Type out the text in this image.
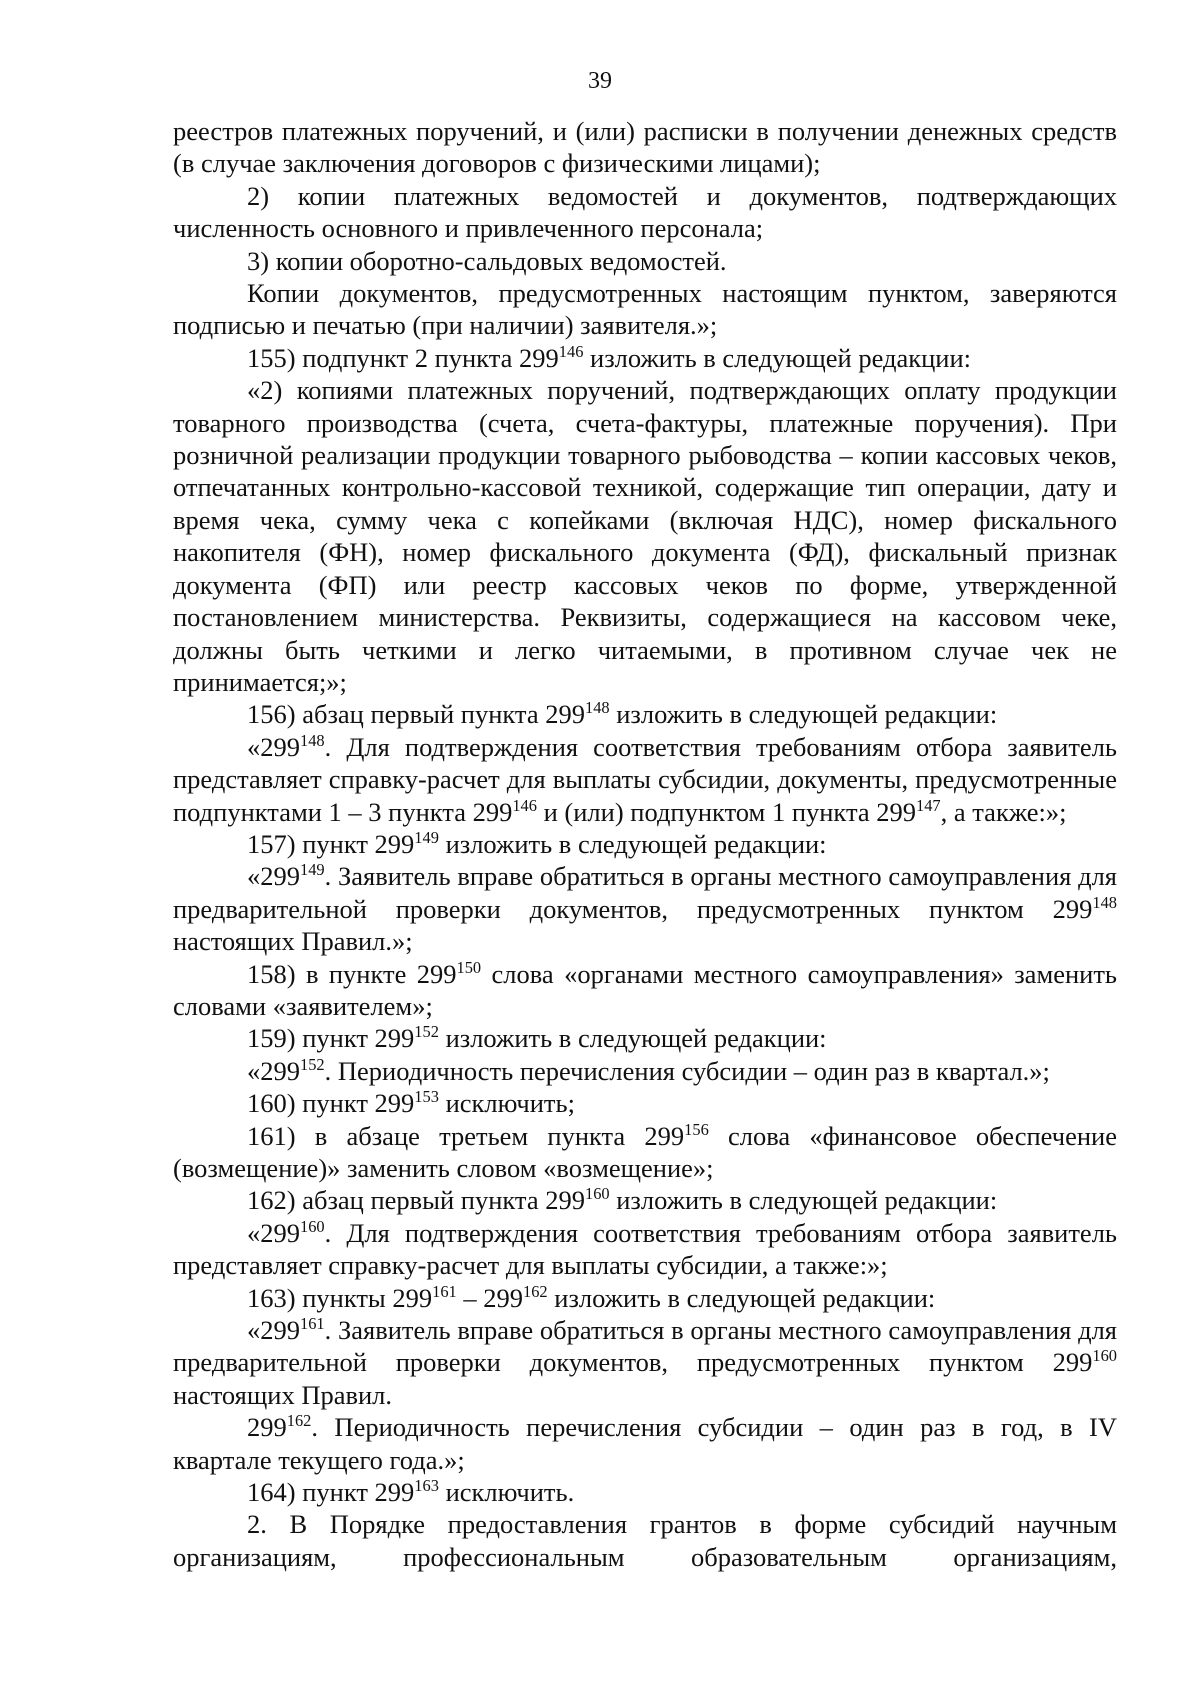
39

реестров платежных поручений, и (или) расписки в получении денежных средств (в случае заключения договоров с физическими лицами);

2) копии платежных ведомостей и документов, подтверждающих численность основного и привлеченного персонала;

3) копии оборотно-сальдовых ведомостей.

Копии документов, предусмотренных настоящим пунктом, заверяются подписью и печатью (при наличии) заявителя.»;

155) подпункт 2 пункта $299^{146}$ изложить в следующей редакции:

«2) копиями платежных поручений, подтверждающих оплату продукции товарного производства (счета, счета-фактуры, платежные поручения). При розничной реализации продукции товарного рыбоводства – копии кассовых чеков, отпечатанных контрольно-кассовой техникой, содержащие тип операции, дату и время чека, сумму чека с копейками (включая НДС), номер фискального накопителя (ФН), номер фискального документа (ФД), фискальный признак документа (ФП) или реестр кассовых чеков по форме, утвержденной постановлением министерства. Реквизиты, содержащиеся на кассовом чеке, должны быть четкими и легко читаемыми, в противном случае чек не принимается;»;

156) абзац первый пункта $299^{148}$ изложить в следующей редакции:

«$299^{148}$. Для подтверждения соответствия требованиям отбора заявитель представляет справку-расчет для выплаты субсидии, документы, предусмотренные подпунктами 1 – 3 пункта $299^{146}$ и (или) подпунктом 1 пункта $299^{147}$, а также:»;

157) пункт $299^{149}$ изложить в следующей редакции:

«$299^{149}$. Заявитель вправе обратиться в органы местного самоуправления для предварительной проверки документов, предусмотренных пунктом $299^{148}$ настоящих Правил.»;

158) в пункте $299^{150}$ слова «органами местного самоуправления» заменить словами «заявителем»;

159) пункт $299^{152}$ изложить в следующей редакции:

«$299^{152}$. Периодичность перечисления субсидии – один раз в квартал.»;

160) пункт $299^{153}$ исключить;

161) в абзаце третьем пункта $299^{156}$ слова «финансовое обеспечение (возмещение)» заменить словом «возмещение»;

162) абзац первый пункта $299^{160}$ изложить в следующей редакции:

«$299^{160}$. Для подтверждения соответствия требованиям отбора заявитель представляет справку-расчет для выплаты субсидии, а также:»;

163) пункты $299^{161} - 299^{162}$ изложить в следующей редакции:

«$299^{161}$. Заявитель вправе обратиться в органы местного самоуправления для предварительной проверки документов, предусмотренных пунктом $299^{160}$ настоящих Правил.

$299^{162}$. Периодичность перечисления субсидии – один раз в год, в IV квартале текущего года.»;

164) пункт $299^{163}$ исключить.

2. В Порядке предоставления грантов в форме субсидий научным организациям, профессиональным образовательным организациям,
